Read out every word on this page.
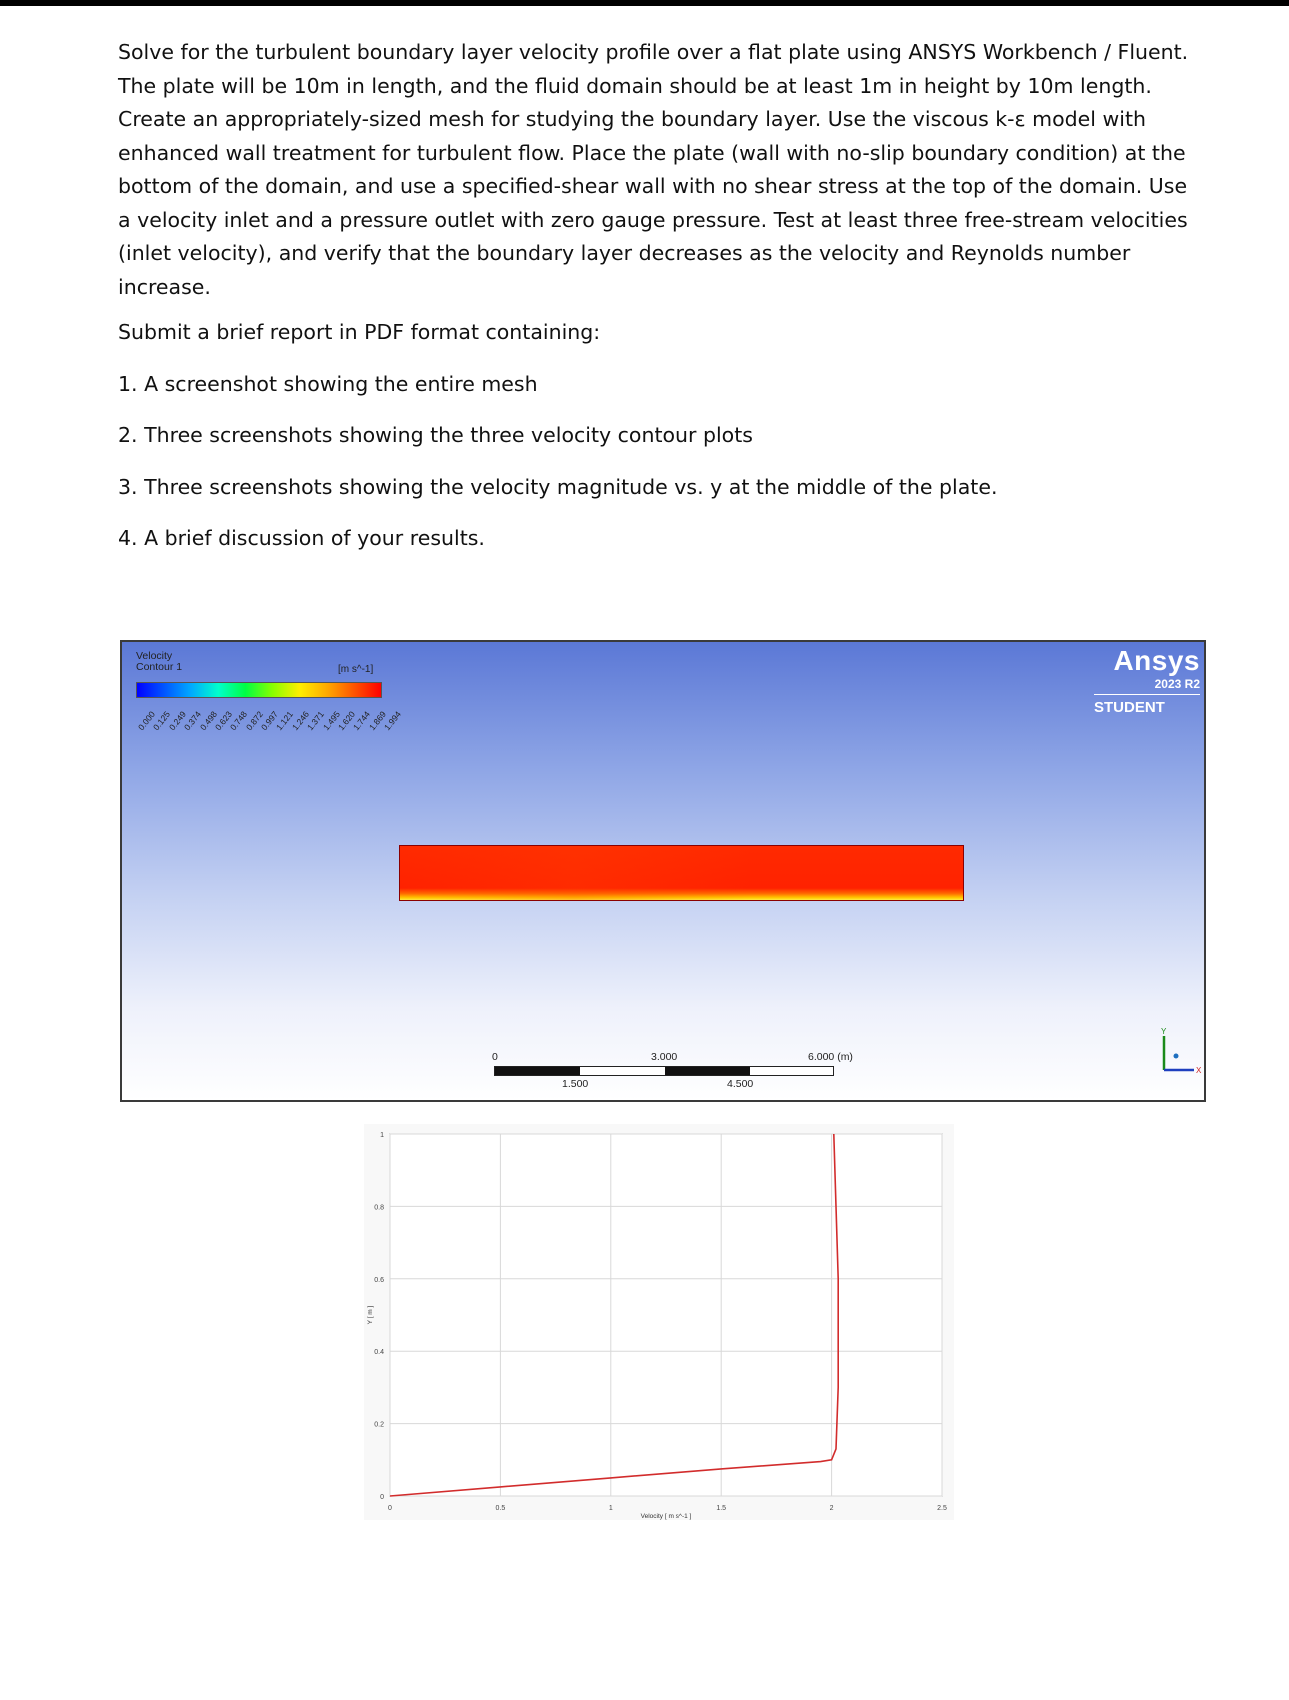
Solve for the turbulent boundary layer velocity profile over a flat plate using ANSYS Workbench / Fluent.

The plate will be 10m in length, and the fluid domain should be at least 1m in height by 10m length.

Create an appropriately-sized mesh for studying the boundary layer. Use the viscous k-ε model with

enhanced wall treatment for turbulent flow. Place the plate (wall with no-slip boundary condition) at the

bottom of the domain, and use a specified-shear wall with no shear stress at the top of the domain. Use

a velocity inlet and a pressure outlet with zero gauge pressure. Test at least three free-stream velocities

(inlet velocity), and verify that the boundary layer decreases as the velocity and Reynolds number

increase.

Submit a brief report in PDF format containing:

1. A screenshot showing the entire mesh

2. Three screenshots showing the three velocity contour plots

3. Three screenshots showing the velocity magnitude vs. y at the middle of the plate.

4. A brief discussion of your results.

Velocity
Contour 1	[m s^-1]
0.000
0.125
0.249
0.374
0.498
0.623
0.748
0.872
0.997
1.121
1.246
1.371
1.495
1.620
1.744
1.869
1.994
Ansys
2023 R2
STUDENT
0	3.000	6.000 (m)
1.500	4.500
Y
X
0	0.5	1	1.5	2	2.5
0
0.2
0.4
0.6
0.8
1
Velocity [ m s^-1 ]
Y [ m ]
